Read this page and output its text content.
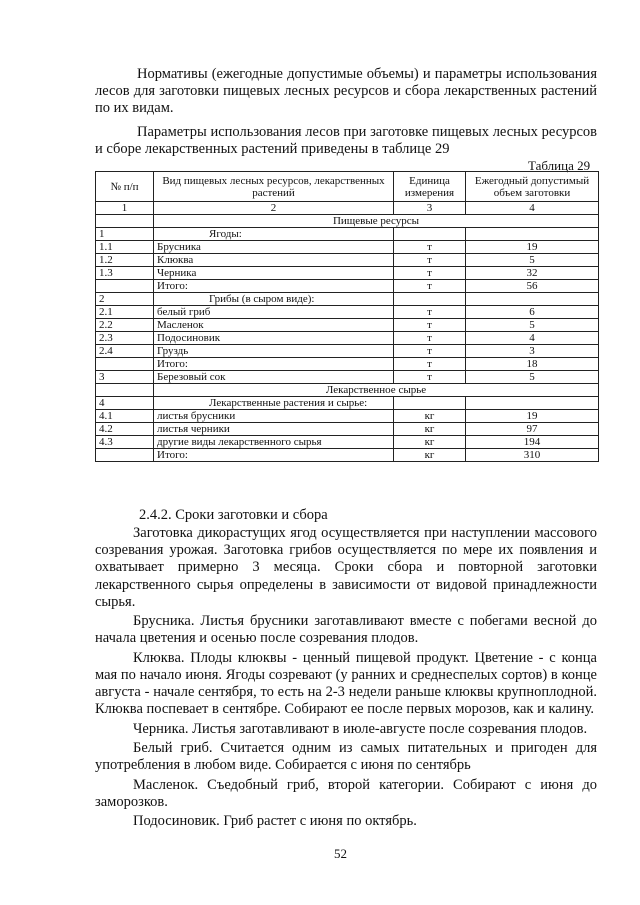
Нормативы (ежегодные допустимые объемы) и параметры использования лесов для заготовки пищевых лесных ресурсов и сбора лекарственных растений по их видам.
Параметры использования лесов при заготовке пищевых лесных ресурсов и сборе лекарственных растений приведены в таблице 29
Таблица 29
№ п/п	Вид пищевых лесных ресурсов, лекарственных растений	Единица измерения	Ежегодный допустимый объем заготовки
1	2	3	4
	Пищевые ресурсы		
1	Ягоды:		
1.1	Брусника	т	19
1.2	Клюква	т	5
1.3	Черника	т	32
	Итого:	т	56
2	Грибы (в сыром виде):		
2.1	белый гриб	т	6
2.2	Масленок	т	5
2.3	Подосиновик	т	4
2.4	Груздь	т	3
	Итого:	т	18
3	Березовый сок	т	5
	Лекарственное сырье		
4	Лекарственные растения и сырье:		
4.1	листья брусники	кг	19
4.2	листья черники	кг	97
4.3	другие виды лекарственного сырья	кг	194
	Итого:	кг	310
2.4.2. Сроки заготовки и сбора

Заготовка дикорастущих ягод осуществляется при наступлении массового созревания урожая. Заготовка грибов осуществляется по мере их появления и охватывает примерно 3 месяца. Сроки сбора и повторной заготовки лекарственного сырья определены в зависимости от видовой принадлежности сырья.

Брусника. Листья брусники заготавливают вместе с побегами весной до начала цветения и осенью после созревания плодов.

Клюква. Плоды клюквы - ценный пищевой продукт. Цветение - с конца мая по начало июня. Ягоды созревают (у ранних и среднеспелых сортов) в конце августа - начале сентября, то есть на 2-3 недели раньше клюквы крупноплодной. Клюква поспевает в сентябре. Собирают ее после первых морозов, как и калину.

Черника. Листья заготавливают в июле-августе после созревания плодов.

Белый гриб. Считается одним из самых питательных и пригоден для употребления в любом виде. Собирается с июня по сентябрь

Масленок. Съедобный гриб, второй категории. Собирают с июня до заморозков.

Подосиновик. Гриб растет с июня по октябрь.

52
